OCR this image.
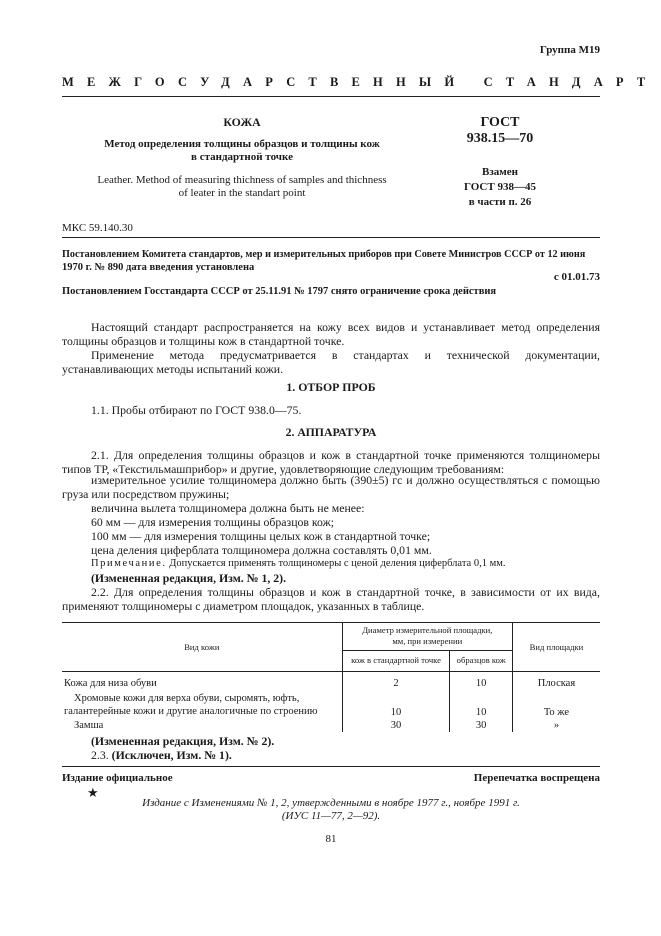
Группа М19
МЕЖГОСУДАРСТВЕННЫЙ СТАНДАРТ
КОЖА
Метод определения толщины образцов и толщины кож
в стандартной точке
Leather. Method of measuring thichness of samples and thichness
of leater in the standart point
ГОСТ
938.15—70
Взамен
ГОСТ 938—45
в части п. 26
МКС 59.140.30
Постановлением Комитета стандартов, мер и измерительных приборов при Совете Министров СССР от 12 июня
1970 г. № 890 дата введения установлена
с 01.01.73
Постановлением Госстандарта СССР от 25.11.91 № 1797 снято ограничение срока действия
Настоящий стандарт распространяется на кожу всех видов и устанавливает метод определения толщины образцов и толщины кож в стандартной точке.
Применение метода предусматривается в стандартах и технической документации, устанавливающих методы испытаний кожи.
1. ОТБОР ПРОБ
1.1. Пробы отбирают по ГОСТ 938.0—75.
2. АППАРАТУРА
2.1. Для определения толщины образцов и кож в стандартной точке применяются толщиномеры типов ТР, «Текстильмашприбор» и другие, удовлетворяющие следующим требованиям:
измерительное усилие толщиномера должно быть (390±5) гс и должно осуществляться с помощью груза или посредством пружины;
величина вылета толщиномера должна быть не менее:
60 мм — для измерения толщины образцов кож;
100 мм — для измерения толщины целых кож в стандартной точке;
цена деления циферблата толщиномера должна составлять 0,01 мм.
Примечание. Допускается применять толщиномеры с ценой деления циферблата 0,1 мм.
(Измененная редакция, Изм. № 1, 2).
2.2. Для определения толщины образцов и кож в стандартной точке, в зависимости от их вида, применяют толщиномеры с диаметром площадок, указанных в таблице.
Вид кожи	Диаметр измерительной площадки,
мм, при измерении		Вид площадки
	кож в стандартной точке	образцов кож	
Кожа для низа обуви	2	10	Плоская

Хромовые кожи для верха обуви, сыромять, юфть,
галантерейные кожи и другие аналогичные по строению	10	10	То же
Замша	30	30	»
(Измененная редакция, Изм. № 2).
2.3. (Исключен, Изм. № 1).
Издание официальное	Перепечатка воспрещена
★
Издание с Изменениями № 1, 2, утвержденными в ноябре 1977 г., ноябре 1991 г.
(ИУС 11—77, 2—92).
81
